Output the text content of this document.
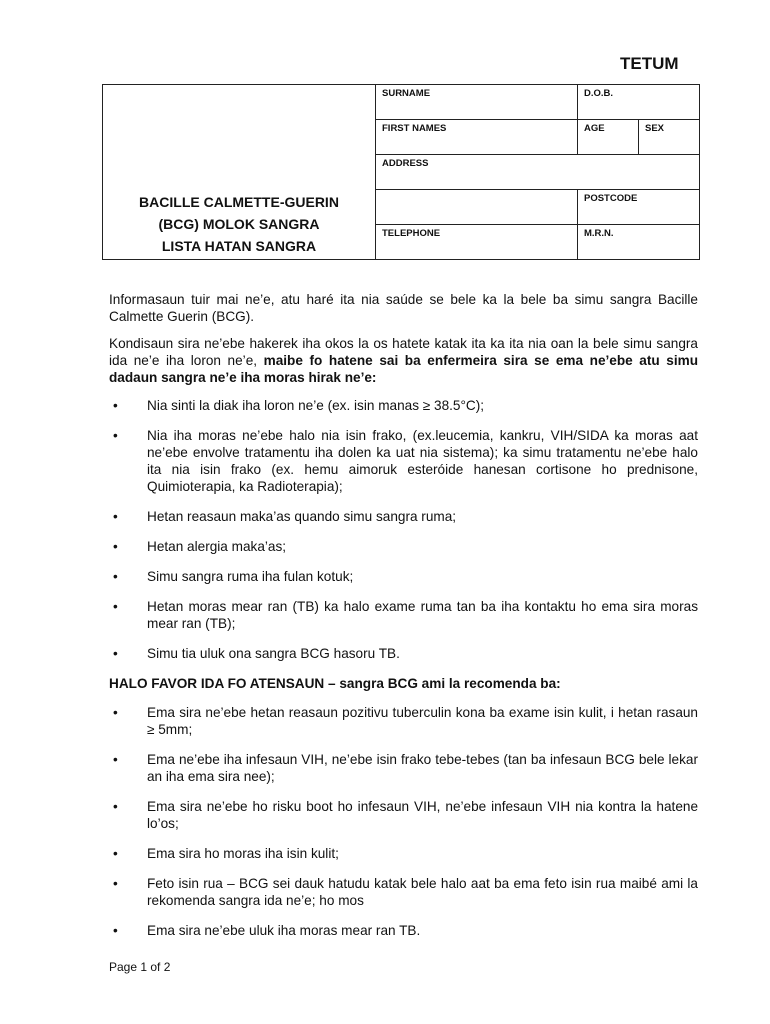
TETUM
BACILLE CALMETTE-GUERIN
(BCG) MOLOK SANGRA
LISTA HATAN SANGRA	SURNAME	D.O.B.	
	FIRST NAMES	AGE	SEX
	ADDRESS		
		POSTCODE	
	TELEPHONE	M.R.N.	

Informasaun tuir mai ne’e, atu haré ita nia saúde se bele ka la bele ba simu sangra Bacille Calmette Guerin (BCG).

Kondisaun sira ne’ebe hakerek iha okos la os hatete katak ita ka ita nia oan la bele simu sangra ida ne’e iha loron ne’e, maibe fo hatene sai ba enfermeira sira se ema ne’ebe atu simu dadaun sangra ne’e iha moras hirak ne’e:

• Nia sinti la diak iha loron ne’e (ex. isin manas ≥ 38.5°C);
• Nia iha moras ne’ebe halo nia isin frako, (ex.leucemia, kankru, VIH/SIDA ka moras aat ne’ebe envolve tratamentu iha dolen ka uat nia sistema); ka simu tratamentu ne’ebe halo ita nia isin frako (ex. hemu aimoruk esteróide hanesan cortisone ho prednisone, Quimioterapia, ka Radioterapia);
• Hetan reasaun maka’as quando simu sangra ruma;
• Hetan alergia maka’as;
• Simu sangra ruma iha fulan kotuk;
• Hetan moras mear ran (TB) ka halo exame ruma tan ba iha kontaktu ho ema sira moras mear ran (TB);
• Simu tia uluk ona sangra BCG hasoru TB.

HALO FAVOR IDA FO ATENSAUN – sangra BCG ami la recomenda ba:

• Ema sira ne’ebe hetan reasaun pozitivu tuberculin kona ba exame isin kulit, i hetan rasaun ≥ 5mm;
• Ema ne’ebe iha infesaun VIH, ne’ebe isin frako tebe-tebes (tan ba infesaun BCG bele lekar an iha ema sira nee);
• Ema sira ne’ebe ho risku boot ho infesaun VIH, ne’ebe infesaun VIH nia kontra la hatene lo’os;
• Ema sira ho moras iha isin kulit;
• Feto isin rua – BCG sei dauk hatudu katak bele halo aat ba ema feto isin rua maibé ami la rekomenda sangra ida ne’e; ho mos
• Ema sira ne’ebe uluk iha moras mear ran TB.
Page 1 of 2
